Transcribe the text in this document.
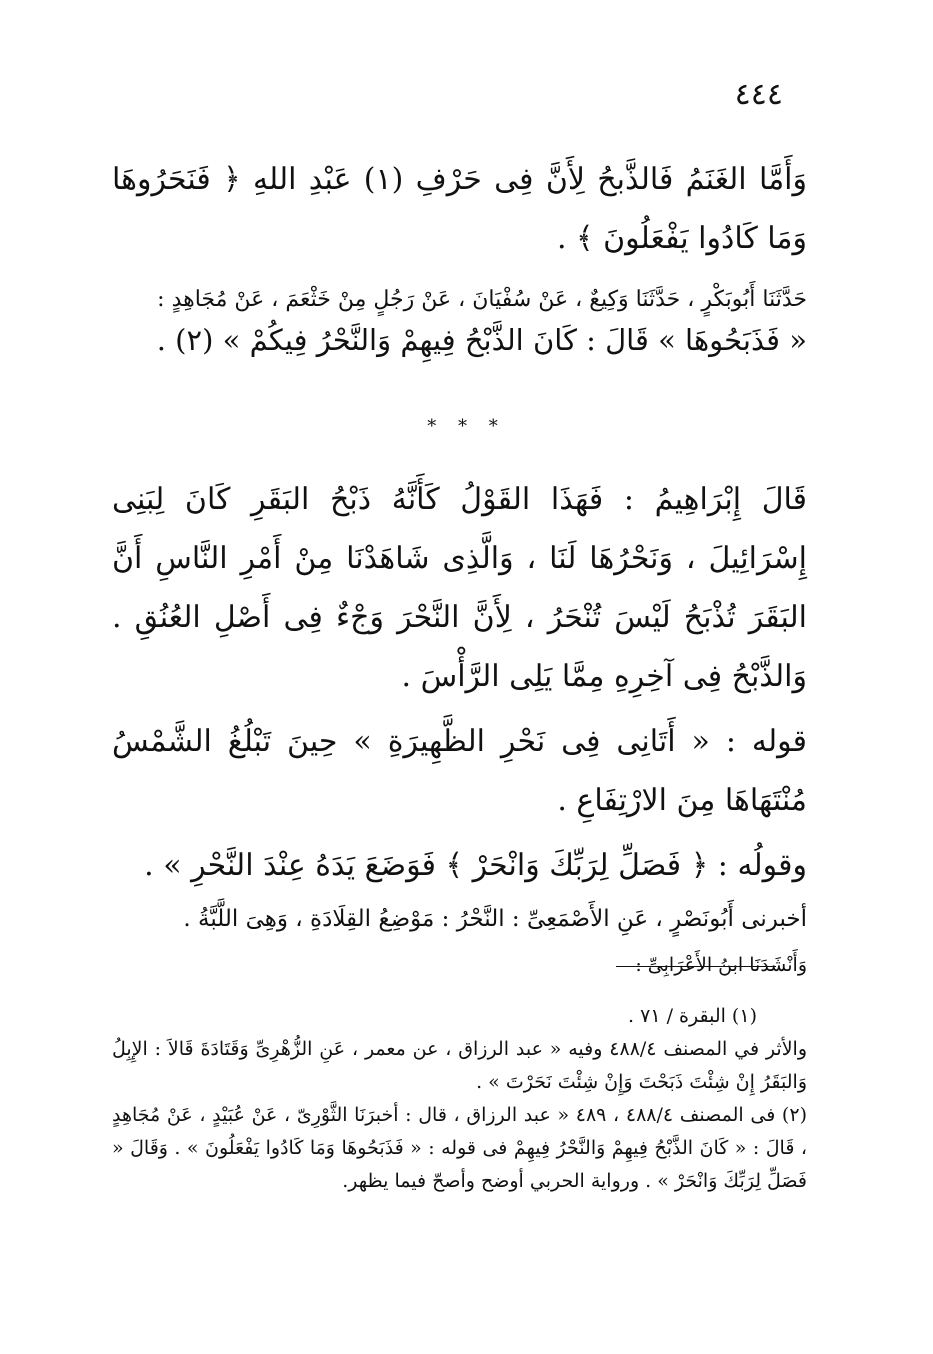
٤٤٤

وَأَمَّا الغَنَمُ فَالذَّبحُ لِأَنَّ فِى حَرْفِ (١) عَبْدِ اللهِ ﴿ فَنَحَرُوهَا وَمَا كَادُوا يَفْعَلُونَ ﴾ .

حَدَّثَنَا أَبُوبَكْرٍ ، حَدَّثَنَا وَكِيعٌ ، عَنْ سُفْيَانَ ، عَنْ رَجُلٍ مِنْ خَثْعَمَ ، عَنْ مُجَاهِدٍ :

« فَذَبَحُوهَا » قَالَ : كَانَ الذَّبْحُ فِيهِمْ وَالنَّحْرُ فِيكُمْ » (٢) .

* * *

قَالَ إِبْرَاهِيمُ : فَهَذَا القَوْلُ كَأَنَّهُ ذَبْحُ البَقَرِ كَانَ لِبَنِى إِسْرَائِيلَ ، وَنَحْرُهَا لَنَا ، وَالَّذِى شَاهَدْنَا مِنْ أَمْرِ النَّاسِ أَنَّ البَقَرَ تُذْبَحُ لَيْسَ تُنْحَرُ ، لِأَنَّ النَّحْرَ وَجْءٌ فِى أَصْلِ العُنُقِ . وَالذَّبْحُ فِى آخِرِهِ مِمَّا يَلِى الرَّأْسَ .

قوله : « أَتَانِى فِى نَحْرِ الظَّهِيرَةِ » حِينَ تَبْلُغُ الشَّمْسُ مُنْتَهَاهَا مِنَ الارْتِفَاعِ .

وقولُه : ﴿ فَصَلِّ لِرَبِّكَ وَانْحَرْ ﴾ فَوَضَعَ يَدَهُ عِنْدَ النَّحْرِ » .

أخبرنى أَبُونَصْرٍ ، عَنِ الأَصْمَعِىِّ : النَّحْرُ : مَوْضِعُ القِلَادَةِ ، وَهِىَ اللَّبَّةُ .

وَأَنْشَدَنَا ابنُ الأَعْرَابِىِّ :

(١) البقرة / ٧١ .

والأثر في المصنف ٤٨٨/٤ وفيه « عبد الرزاق ، عن معمر ، عَنِ الزُّهْرِىِّ وَقَتَادَةَ قَالاَ : الإِبِلُ وَالبَقَرُ إِنْ شِئْتَ ذَبَحْتَ وَإِنْ شِئْتَ نَحَرْتَ » .

(٢) فى المصنف ٤٨٨/٤ ، ٤٨٩ « عبد الرزاق ، قال : أخبرَنَا الثَّوْرِىّ ، عَنْ عُبَيْدٍ ، عَنْ مُجَاهِدٍ ، قَالَ : « كَانَ الذَّبْحُ فِيهِمْ وَالنَّحْرُ فِيهِمْ فى قوله : « فَذَبَحُوهَا وَمَا كَادُوا يَفْعَلُونَ » . وَقَالَ « فَصَلِّ لِرَبِّكَ وَانْحَرْ » . ورواية الحربي أوضح وأصحّ فيما يظهر.
